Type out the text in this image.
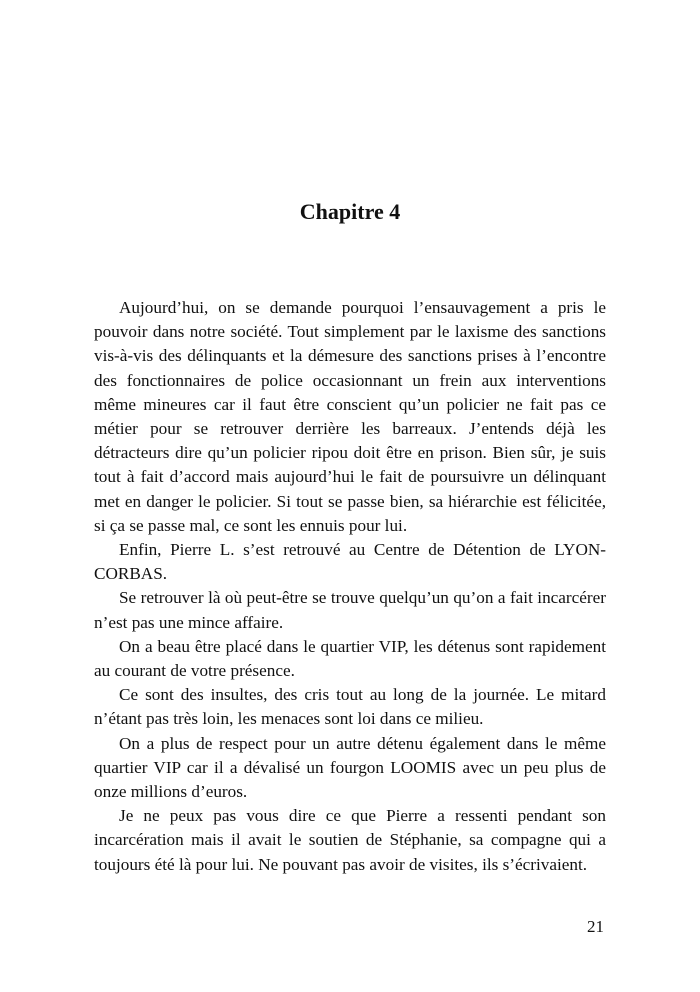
Chapitre 4

Aujourd’hui, on se demande pourquoi l’ensauvagement a pris le pouvoir dans notre société. Tout simplement par le laxisme des sanctions vis-à-vis des délinquants et la démesure des sanctions prises à l’encontre des fonctionnaires de police occasionnant un frein aux interventions même mineures car il faut être conscient qu’un policier ne fait pas ce métier pour se retrouver derrière les barreaux. J’entends déjà les détracteurs dire qu’un policier ripou doit être en prison. Bien sûr, je suis tout à fait d’accord mais aujourd’hui le fait de poursuivre un délinquant met en danger le policier. Si tout se passe bien, sa hiérarchie est félicitée, si ça se passe mal, ce sont les ennuis pour lui.

Enfin, Pierre L. s’est retrouvé au Centre de Détention de LYON-CORBAS.

Se retrouver là où peut-être se trouve quelqu’un qu’on a fait incarcérer n’est pas une mince affaire.

On a beau être placé dans le quartier VIP, les détenus sont rapidement au courant de votre présence.

Ce sont des insultes, des cris tout au long de la journée. Le mitard n’étant pas très loin, les menaces sont loi dans ce milieu.

On a plus de respect pour un autre détenu également dans le même quartier VIP car il a dévalisé un fourgon LOOMIS avec un peu plus de onze millions d’euros.

Je ne peux pas vous dire ce que Pierre a ressenti pendant son incarcération mais il avait le soutien de Stéphanie, sa compagne qui a toujours été là pour lui. Ne pouvant pas avoir de visites, ils s’écrivaient.

21
